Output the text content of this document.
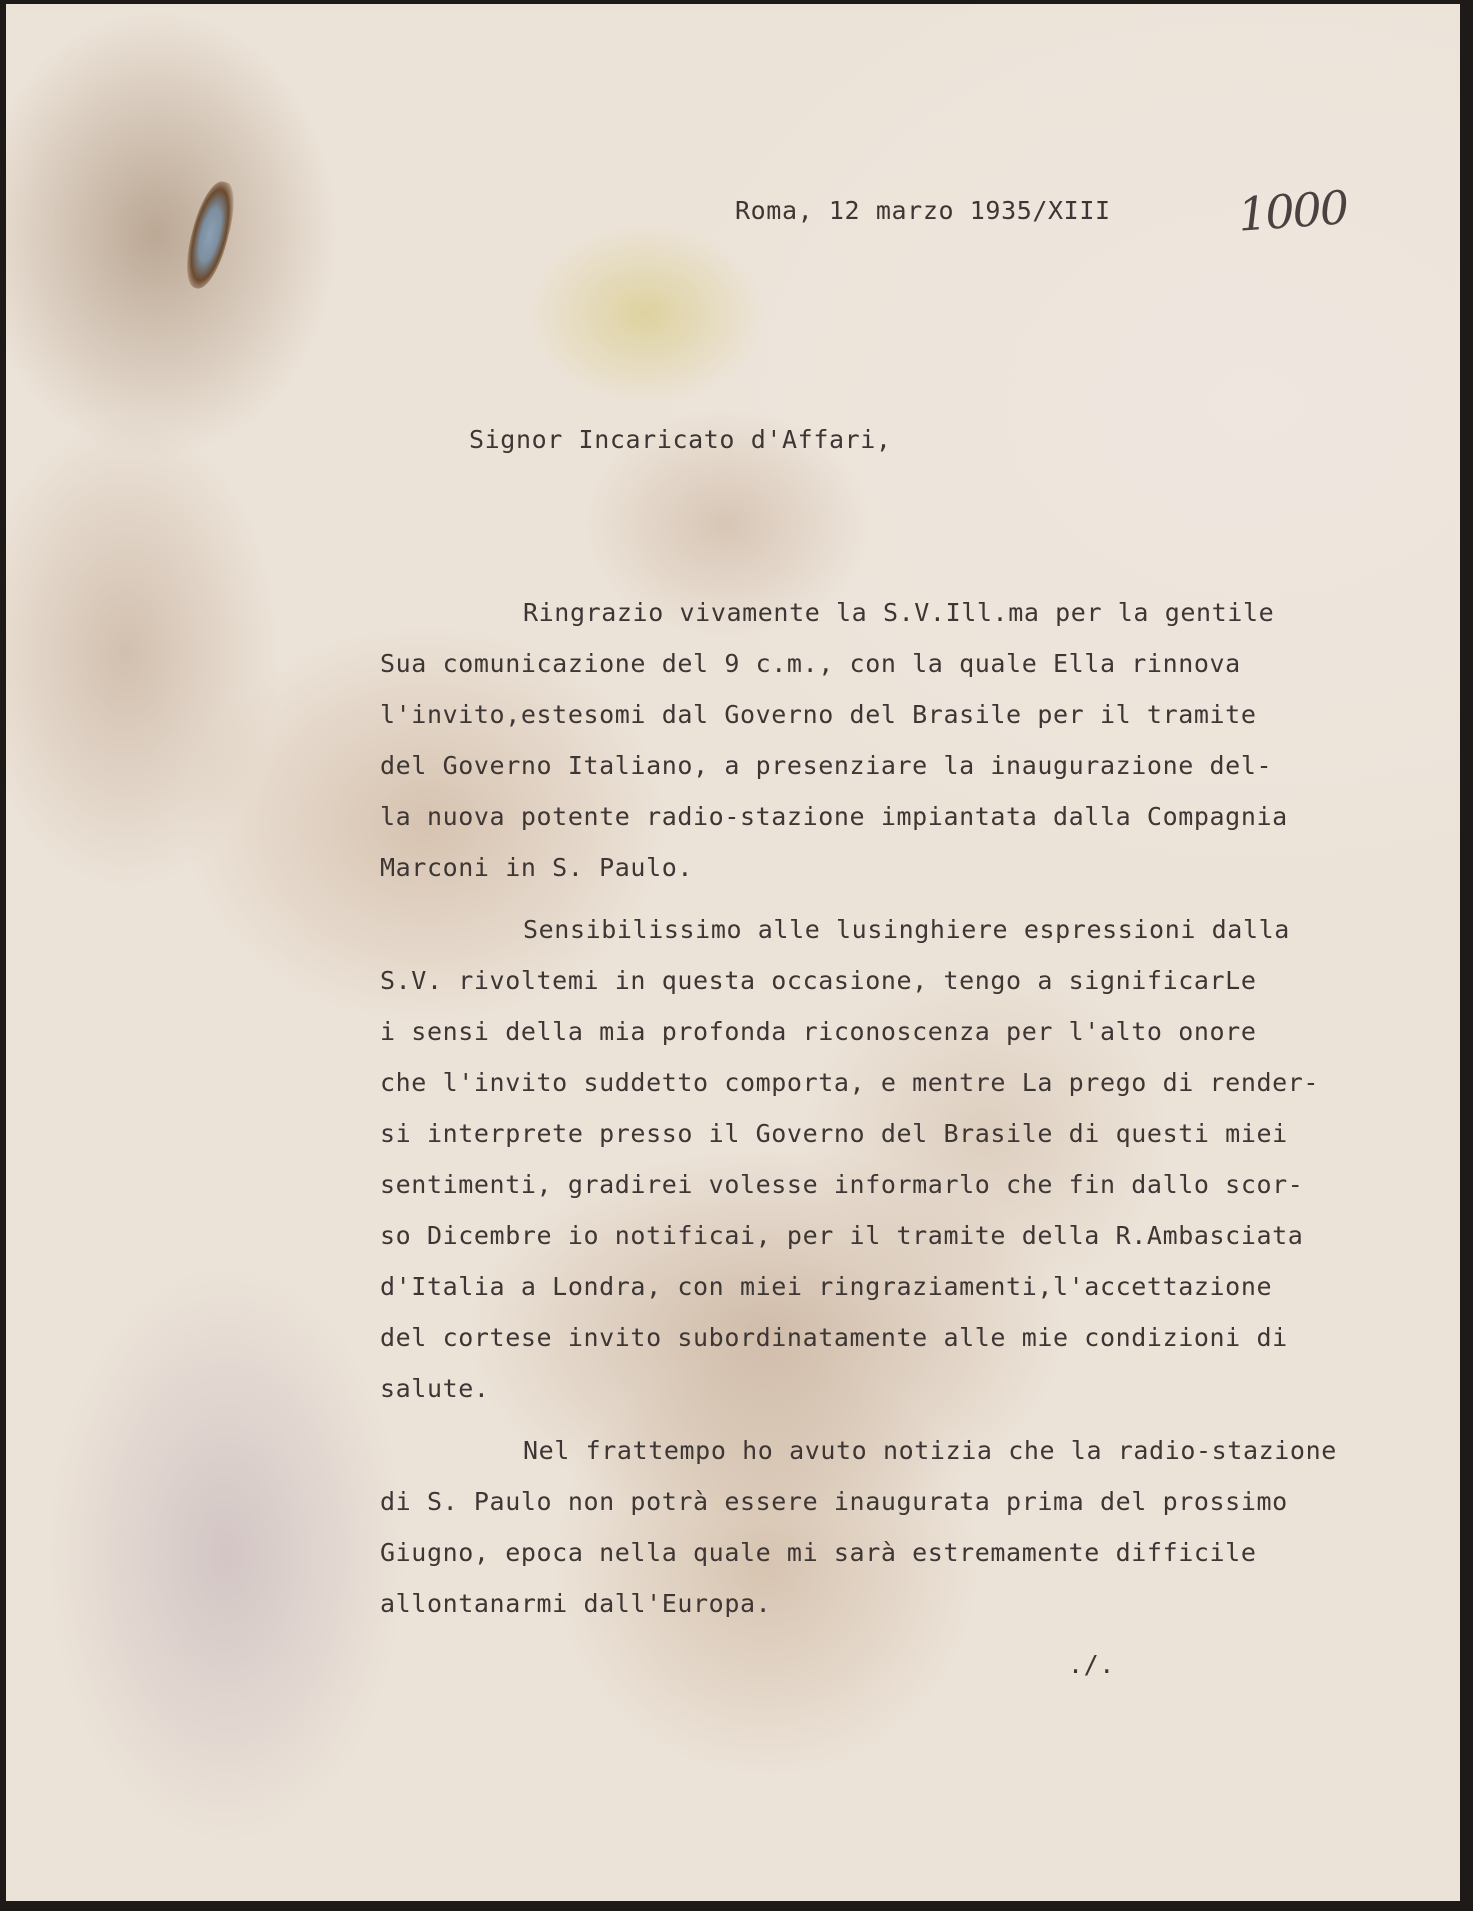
Roma, 12 marzo 1935/XIII	1000

Signor Incaricato d'Affari,

Ringrazio vivamente la S.V.Ill.ma per la gentile
Sua comunicazione del 9 c.m., con la quale Ella rinnova
l'invito,estesomi dal Governo del Brasile per il tramite
del Governo Italiano, a presenziare la inaugurazione del-
la nuova potente radio-stazione impiantata dalla Compagnia
Marconi in S. Paulo.
Sensibilissimo alle lusinghiere espressioni dalla
S.V. rivoltemi in questa occasione, tengo a significarLe
i sensi della mia profonda riconoscenza per l'alto onore
che l'invito suddetto comporta, e mentre La prego di render-
si interprete presso il Governo del Brasile di questi miei
sentimenti, gradirei volesse informarlo che fin dallo scor-
so Dicembre io notificai, per il tramite della R.Ambasciata
d'Italia a Londra, con miei ringraziamenti,l'accettazione
del cortese invito subordinatamente alle mie condizioni di
salute.
Nel frattempo ho avuto notizia che la radio-stazione
di S. Paulo non potrà essere inaugurata prima del prossimo
Giugno, epoca nella quale mi sarà estremamente difficile
allontanarmi dall'Europa.

./.
